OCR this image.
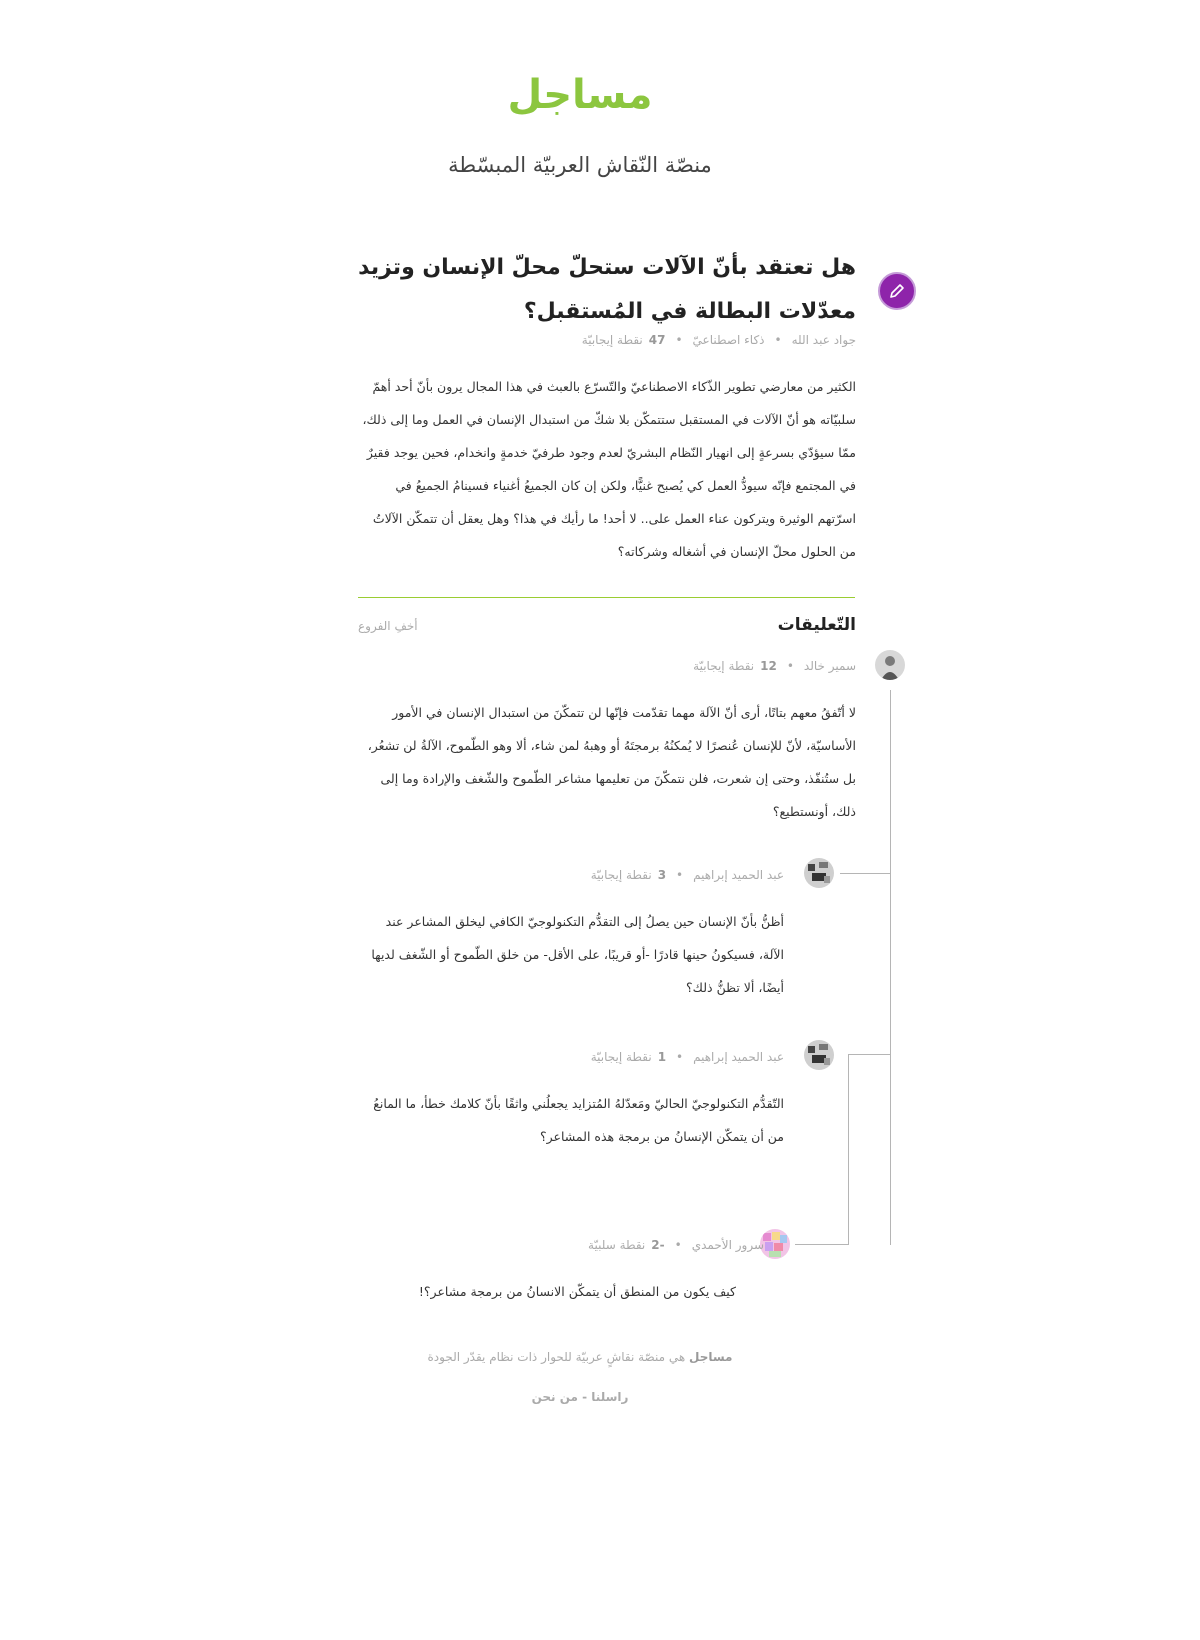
مساجل
منصّة النّقاش العربيّة المبسّطة
هل تعتقد بأنّ الآلات ستحلّ محلّ الإنسان وتزيد معدّلات البطالة في المُستقبل؟
جواد عبد الله•ذكاء اصطناعيّ•47نقطة إيجابيّة
الكثير من معارضي تطوير الذّكاء الاصطناعيّ والتّسرّع بالعبث في هذا المجال يرون بأنّ أحد أهمّ سلبيّاته هو أنّ الآلات في المستقبل ستتمكّن بلا شكّ من استبدال الإنسان في العمل وما إلى ذلك، ممّا سيؤدّي بسرعةٍ إلى انهيار النّظام البشريّ لعدم وجود طرفيّ خدمةٍ وانخدام، فحين يوجد فقيرٌ في المجتمع فإنّه سيودُّ العمل كي يُصبح غنيًّا، ولكن إن كان الجميعُ أغنياء فسينامُ الجميعُ في اسرّتهم الوثيرة ويتركون عناء العمل على.. لا أحد! ما رأيك في هذا؟ وهل يعقل أن تتمكّن الآلاتُ من الحلول محلّ الإنسان في أشغاله وشركاته؟
التّعليقات
أخفِ الفروع
سمير خالد•12نقطة إيجابيّة
لا أتّفقُ معهم بتاتًا، أرى أنّ الآلة مهما تقدّمت فإنّها لن تتمكّنَ من استبدال الإنسان في الأمور الأساسيّة، لأنّ للإنسان عُنصرًا لا يُمكنُهُ برمجتَهُ أو وهبهُ لمن شاء، ألا وهو الطّموح، الآلةُ لن تشعُر، بل ستُنفّذ، وحتى إن شعرت، فلن نتمكّنَ من تعليمها مشاعر الطّموح والشّغف والإرادة وما إلى ذلك، أونستطيع؟
عبد الحميد إبراهيم•3نقطة إيجابيّة
أظنُّ بأنّ الإنسان حين يصلُ إلى التقدُّم التكنولوجيّ الكافي ليخلق المشاعر عند الآلة، فسيكونُ حينها قادرًا -أو قريبًا، على الأقل- من خلق الطّموح أو الشّغف لديها أيضًا، ألا تظنُّ ذلك؟
عبد الحميد إبراهيم•1نقطة إيجابيّة
التّقدُّم التكنولوجيّ الحاليّ ومَعدّلهُ المُتزايد يجعلُني واثقًا بأنّ كلامك خطأ، ما المانعُ من أن يتمكّن الإنسانُ من برمجة هذه المشاعر؟
سرور الأحمدي•-2نقطة سلبيّة
كيف يكون من المنطق أن يتمكّن الانسانُ من برمجة مشاعر؟!
مساجل هي منصّة نقاشٍ عربيّة للحوار ذات نظام يقدّر الجودة
راسلنا - من نحن
